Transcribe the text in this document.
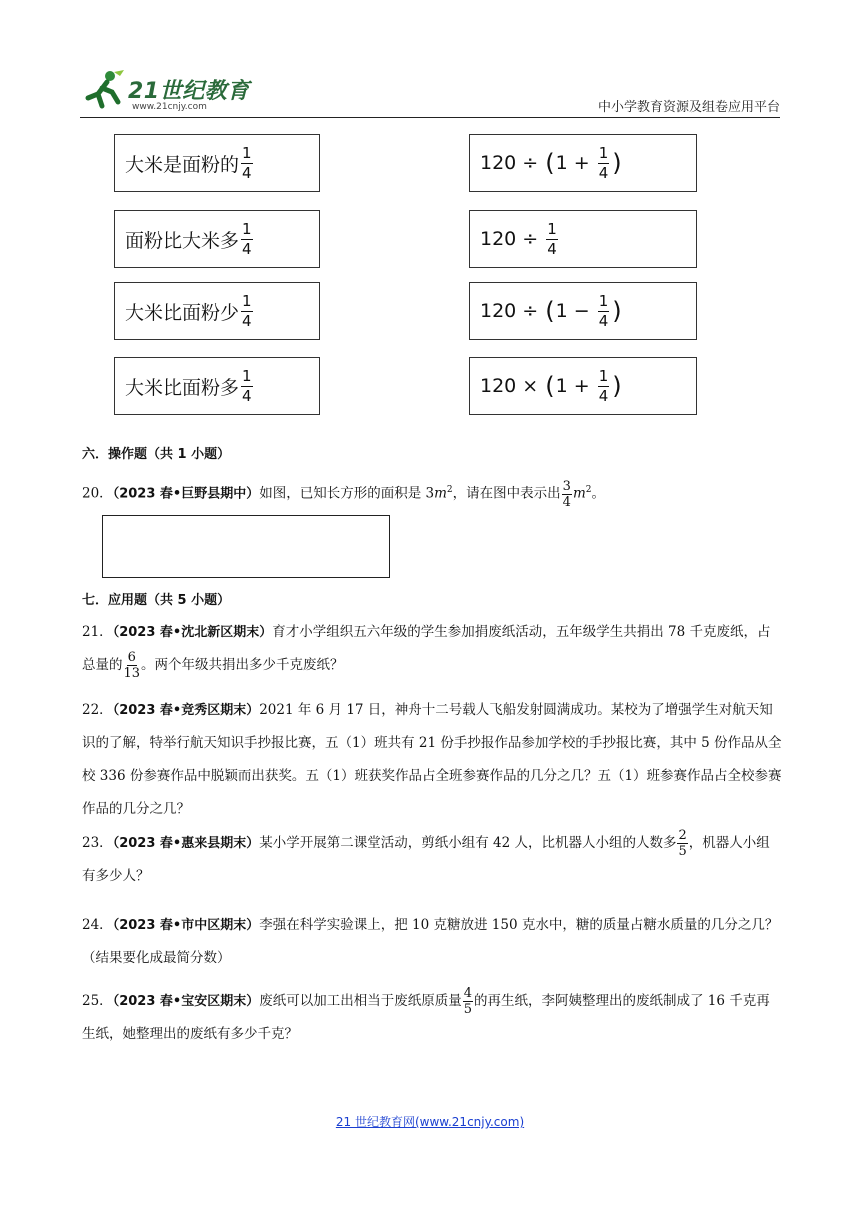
21世纪教育
www.21cnjy.com	中小学教育资源及组卷应用平台
大米是面粉的 $\frac{1}{4}$
面粉比大米多 $\frac{1}{4}$
大米比面粉少 $\frac{1}{4}$
大米比面粉多 $\frac{1}{4}$
120 ÷ ( $1 + \frac{1}{4}$ )
$120 \div \frac{1}{4}$
120 ÷ ( $1 - \frac{1}{4}$ )
120 × ( $1 + \frac{1}{4}$ )
六．操作题（共 1 小题）
20．（2023 春•巨野县期中）如图，已知长方形的面积是 $3m^2$，请在图中表示出 $\frac{3}{4} m^2$。
七．应用题（共 5 小题）
21．（2023 春•沈北新区期末）育才小学组织五六年级的学生参加捐废纸活动，五年级学生共捐出 78 千克废纸，占总量的 $\frac{6}{13}$ 。两个年级共捐出多少千克废纸？
22．（2023 春•竞秀区期末）2021 年 6 月 17 日，神舟十二号载人飞船发射圆满成功。某校为了增强学生对航天知识的了解，特举行航天知识手抄报比赛，五（1）班共有 21 份手抄报作品参加学校的手抄报比赛，其中 5 份作品从全校 336 份参赛作品中脱颖而出获奖。五（1）班获奖作品占全班参赛作品的几分之几？五（1）班参赛作品占全校参赛作品的几分之几？
23．（2023 春•惠来县期末）某小学开展第二课堂活动，剪纸小组有 42 人，比机器人小组的人数多 $\frac{2}{5}$ ，机器人小组有多少人？
24．（2023 春•市中区期末）李强在科学实验课上，把 10 克糖放进 150 克水中，糖的质量占糖水质量的几分之几？（结果要化成最简分数）
25．（2023 春•宝安区期末）废纸可以加工出相当于废纸原质量 $\frac{4}{5}$ 的再生纸，李阿姨整理出的废纸制成了 16 千克再生纸，她整理出的废纸有多少千克？
21 世纪教育网(www.21cnjy.com)
